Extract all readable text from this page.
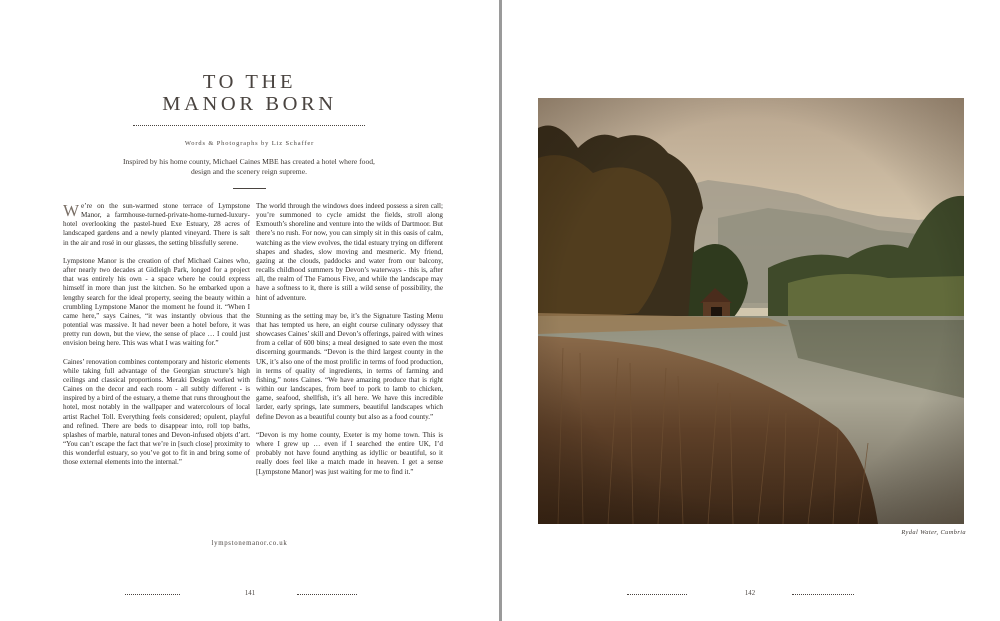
TO THE
MANOR BORN
Words & Photographs by Liz Schaffer
Inspired by his home county, Michael Caines MBE has created a hotel where food, design and the scenery reign supreme.

We’re on the sun-warmed stone terrace of Lympstone Manor, a farmhouse-turned-private-home-turned-luxury-hotel overlooking the pastel-hued Exe Estuary, 28 acres of landscaped gardens and a newly planted vineyard. There is salt in the air and rosé in our glasses, the setting blissfully serene.

Lympstone Manor is the creation of chef Michael Caines who, after nearly two decades at Gidleigh Park, longed for a project that was entirely his own - a space where he could express himself in more than just the kitchen. So he embarked upon a lengthy search for the ideal property, seeing the beauty within a crumbling Lympstone Manor the moment he found it. “When I came here,” says Caines, “it was instantly obvious that the potential was massive. It had never been a hotel before, it was pretty run down, but the view, the sense of place … I could just envision being here. This was what I was waiting for.”

Caines’ renovation combines contemporary and historic elements while taking full advantage of the Georgian structure’s high ceilings and classical proportions. Meraki Design worked with Caines on the decor and each room - all subtly different - is inspired by a bird of the estuary, a theme that runs throughout the hotel, most notably in the wallpaper and watercolours of local artist Rachel Toll. Everything feels considered; opulent, playful and refined. There are beds to disappear into, roll top baths, splashes of marble, natural tones and Devon-infused objets d’art. “You can’t escape the fact that we’re in [such close] proximity to this wonderful estuary, so you’ve got to fit in and bring some of those external elements into the internal.”

The world through the windows does indeed possess a siren call; you’re summoned to cycle amidst the fields, stroll along Exmouth’s shoreline and venture into the wilds of Dartmoor. But there’s no rush. For now, you can simply sit in this oasis of calm, watching as the view evolves, the tidal estuary trying on different shapes and shades, slow moving and mesmeric. My friend, gazing at the clouds, paddocks and water from our balcony, recalls childhood summers by Devon’s waterways - this is, after all, the realm of The Famous Five, and while the landscape may have a softness to it, there is still a wild sense of possibility, the hint of adventure.

Stunning as the setting may be, it’s the Signature Tasting Menu that has tempted us here, an eight course culinary odyssey that showcases Caines’ skill and Devon’s offerings, paired with wines from a cellar of 600 bins; a meal designed to sate even the most discerning gourmands. “Devon is the third largest county in the UK, it’s also one of the most prolific in terms of food production, in terms of quality of ingredients, in terms of farming and fishing,” notes Caines. “We have amazing produce that is right within our landscapes, from beef to pork to lamb to chicken, game, seafood, shellfish, it’s all here. We have this incredible larder, early springs, late summers, beautiful landscapes which define Devon as a beautiful county but also as a food county.”

“Devon is my home county, Exeter is my home town. This is where I grew up … even if I searched the entire UK, I’d probably not have found anything as idyllic or beautiful, so it really does feel like a match made in heaven. I get a sense [Lympstone Manor] was just waiting for me to find it.”

lympstonemanor.co.uk
141
Rydal Water, Cumbria
142
